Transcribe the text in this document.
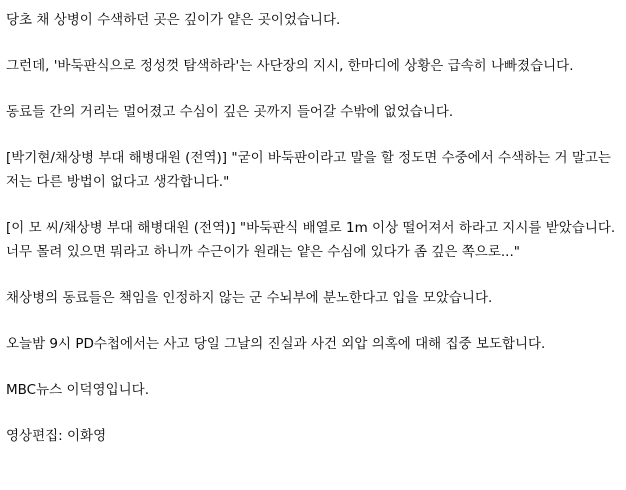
당초 채 상병이 수색하던 곳은 깊이가 얕은 곳이었습니다.

그런데, '바둑판식으로 정성껏 탐색하라'는 사단장의 지시, 한마디에 상황은 급속히 나빠졌습니다.

동료들 간의 거리는 멀어졌고 수심이 깊은 곳까지 들어갈 수밖에 없었습니다.

[박기현/채상병 부대 해병대원 (전역)] "굳이 바둑판이라고 말을 할 정도면 수중에서 수색하는 거 말고는 저는 다른 방법이 없다고 생각합니다."

[이 모 씨/채상병 부대 해병대원 (전역)] "바둑판식 배열로 1m 이상 떨어져서 하라고 지시를 받았습니다. 너무 몰려 있으면 뭐라고 하니까 수근이가 원래는 얕은 수심에 있다가 좀 깊은 쪽으로..."

채상병의 동료들은 책임을 인정하지 않는 군 수뇌부에 분노한다고 입을 모았습니다.

오늘밤 9시 PD수첩에서는 사고 당일 그날의 진실과 사건 외압 의혹에 대해 집중 보도합니다.

MBC뉴스 이덕영입니다.

영상편집: 이화영
